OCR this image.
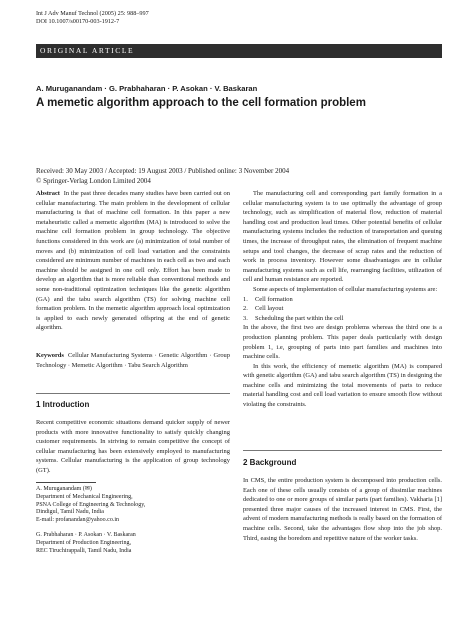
Int J Adv Manuf Technol (2005) 25: 988–997
DOI 10.1007/s00170-003-1912-7
ORIGINAL ARTICLE
A. Muruganandam · G. Prabhaharan · P. Asokan · V. Baskaran
A memetic algorithm approach to the cell formation problem
Received: 30 May 2003 / Accepted: 19 August 2003 / Published online: 3 November 2004
© Springer-Verlag London Limited 2004

Abstract In the past three decades many studies have been carried out on cellular manufacturing. The main problem in the development of cellular manufacturing is that of machine cell formation. In this paper a new metaheuristic called a memetic algorithm (MA) is introduced to solve the machine cell formation problem in group technology. The objective functions considered in this work are (a) minimization of total number of moves and (b) minimization of cell load variation and the constraints considered are minimum number of machines in each cell as two and each machine should be assigned in one cell only. Effort has been made to develop an algorithm that is more reliable than conventional methods and some non-traditional optimization techniques like the genetic algorithm (GA) and the tabu search algorithm (TS) for solving machine cell formation problem. In the memetic algorithm approach local optimization is applied to each newly generated offspring at the end of genetic algorithm.

Keywords Cellular Manufacturing Systems · Genetic Algorithm · Group Technology · Memetic Algorithm · Tabu Search Algorithm

1 Introduction

Recent competitive economic situations demand quicker supply of newer products with more innovative functionality to satisfy quickly changing customer requirements. In striving to remain competitive the concept of cellular manufacturing has been extensively employed to manufacturing systems. Cellular manufacturing is the application of group technology (GT).

A. Muruganandam (✉)
Department of Mechanical Engineering,
PSNA College of Engineering & Technology,
Dindigul, Tamil Nadu, India
E-mail: profanandan@yahoo.co.in
G. Prabhaharan · P. Asokan · V. Baskaran
Department of Production Engineering,
REC Tiruchirappalli, Tamil Nadu, India

The manufacturing cell and corresponding part family formation in a cellular manufacturing system is to use optimally the advantage of group technology, such as simplification of material flow, reduction of material handling cost and production lead times. Other potential benefits of cellular manufacturing systems includes the reduction of transportation and queuing times, the increase of throughput rates, the elimination of frequent machine setups and tool changes, the decrease of scrap rates and the reduction of work in process inventory. However some disadvantages are in cellular manufacturing systems such as cell life, rearranging facilities, utilization of cell and human resistance are reported.

Some aspects of implementation of cellular manufacturing systems are:

1. Cell formation
2. Cell layout
3. Scheduling the part within the cell

In the above, the first two are design problems whereas the third one is a production planning problem. This paper deals particularly with design problem 1, i.e, grouping of parts into part families and machines into machine cells.

In this work, the efficiency of memetic algorithm (MA) is compared with genetic algorithm (GA) and tabu search algorithm (TS) in designing the machine cells and minimizing the total movements of parts to reduce material handling cost and cell load variation to ensure smooth flow without violating the constraints.

2 Background

In CMS, the entire production system is decomposed into production cells. Each one of these cells usually consists of a group of dissimilar machines dedicated to one or more groups of similar parts (part families). Vakharia [1] presented three major causes of the increased interest in CMS. First, the advent of modern manufacturing methods is really based on the formation of machine cells. Second, take the advantages flow shop into the job shop. Third, easing the boredom and repetitive nature of the worker tasks.
